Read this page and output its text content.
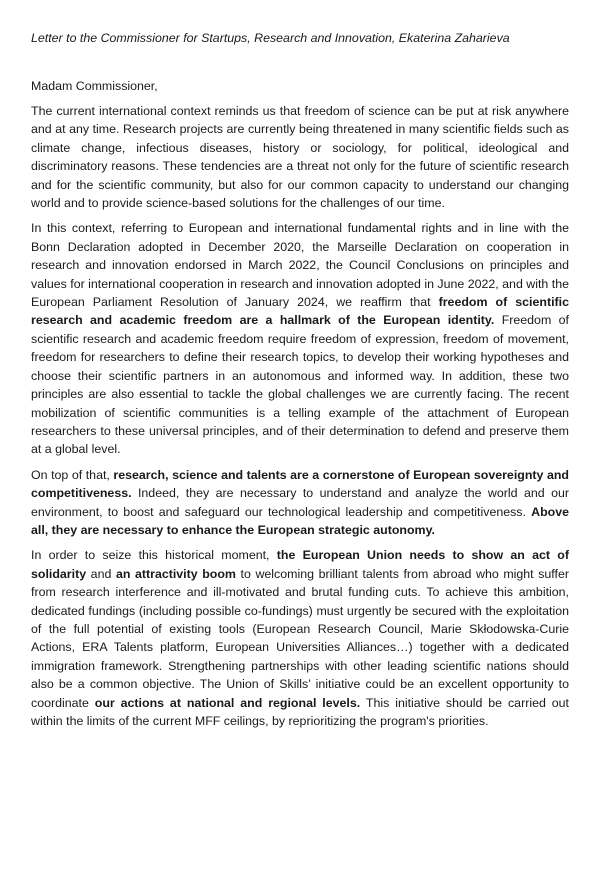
Letter to the Commissioner for Startups, Research and Innovation, Ekaterina Zaharieva
Madam Commissioner,

The current international context reminds us that freedom of science can be put at risk anywhere and at any time. Research projects are currently being threatened in many scientific fields such as climate change, infectious diseases, history or sociology, for political, ideological and discriminatory reasons. These tendencies are a threat not only for the future of scientific research and for the scientific community, but also for our common capacity to understand our changing world and to provide science-based solutions for the challenges of our time.

In this context, referring to European and international fundamental rights and in line with the Bonn Declaration adopted in December 2020, the Marseille Declaration on cooperation in research and innovation endorsed in March 2022, the Council Conclusions on principles and values for international cooperation in research and innovation adopted in June 2022, and with the European Parliament Resolution of January 2024, we reaffirm that freedom of scientific research and academic freedom are a hallmark of the European identity. Freedom of scientific research and academic freedom require freedom of expression, freedom of movement, freedom for researchers to define their research topics, to develop their working hypotheses and choose their scientific partners in an autonomous and informed way. In addition, these two principles are also essential to tackle the global challenges we are currently facing. The recent mobilization of scientific communities is a telling example of the attachment of European researchers to these universal principles, and of their determination to defend and preserve them at a global level.

On top of that, research, science and talents are a cornerstone of European sovereignty and competitiveness. Indeed, they are necessary to understand and analyze the world and our environment, to boost and safeguard our technological leadership and competitiveness. Above all, they are necessary to enhance the European strategic autonomy.

In order to seize this historical moment, the European Union needs to show an act of solidarity and an attractivity boom to welcoming brilliant talents from abroad who might suffer from research interference and ill-motivated and brutal funding cuts. To achieve this ambition, dedicated fundings (including possible co-fundings) must urgently be secured with the exploitation of the full potential of existing tools (European Research Council, Marie Skłodowska-Curie Actions, ERA Talents platform, European Universities Alliances…) together with a dedicated immigration framework. Strengthening partnerships with other leading scientific nations should also be a common objective. The Union of Skills’ initiative could be an excellent opportunity to coordinate our actions at national and regional levels. This initiative should be carried out within the limits of the current MFF ceilings, by reprioritizing the program's priorities.
